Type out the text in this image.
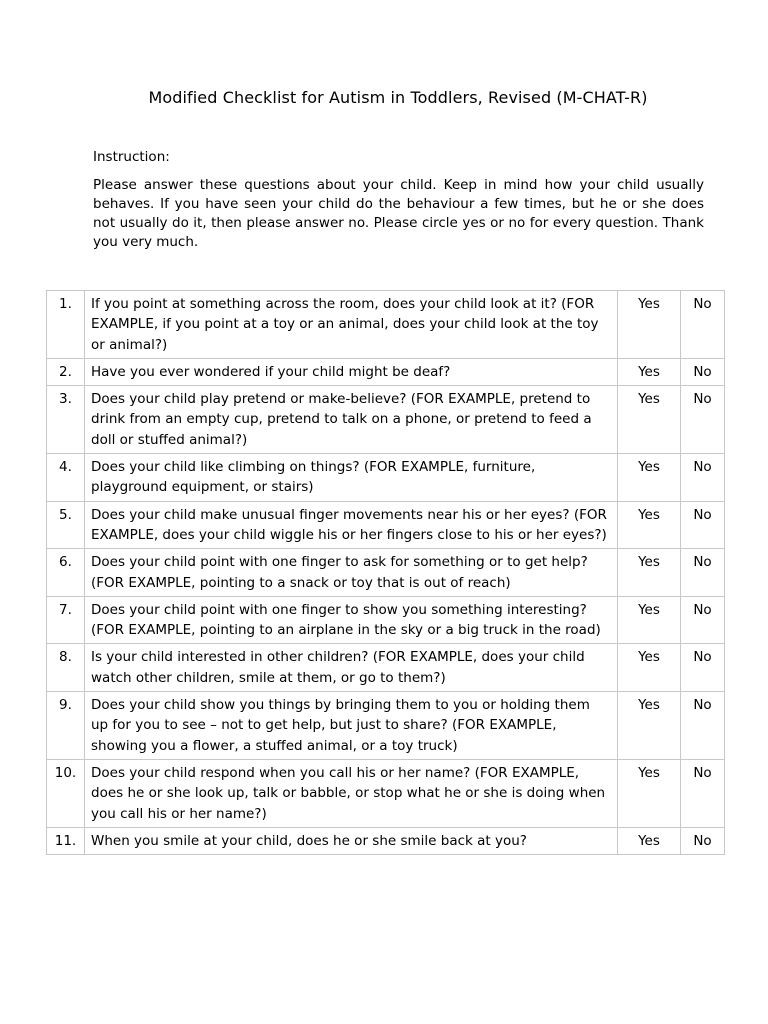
Modified Checklist for Autism in Toddlers, Revised (M-CHAT-R)
Instruction:
Please answer these questions about your child. Keep in mind how your child usually behaves. If you have seen your child do the behaviour a few times, but he or she does not usually do it, then please answer no. Please circle yes or no for every question. Thank you very much.
1.	If you point at something across the room, does your child look at it? (FOR EXAMPLE, if you point at a toy or an animal, does your child look at the toy or animal?)	Yes	No
2.	Have you ever wondered if your child might be deaf?	Yes	No
3.	Does your child play pretend or make-believe? (FOR EXAMPLE, pretend to drink from an empty cup, pretend to talk on a phone, or pretend to feed a doll or stuffed animal?)	Yes	No
4.	Does your child like climbing on things? (FOR EXAMPLE, furniture, playground equipment, or stairs)	Yes	No
5.	Does your child make unusual finger movements near his or her eyes? (FOR EXAMPLE, does your child wiggle his or her fingers close to his or her eyes?)	Yes	No
6.	Does your child point with one finger to ask for something or to get help? (FOR EXAMPLE, pointing to a snack or toy that is out of reach)	Yes	No
7.	Does your child point with one finger to show you something interesting? (FOR EXAMPLE, pointing to an airplane in the sky or a big truck in the road)	Yes	No
8.	Is your child interested in other children? (FOR EXAMPLE, does your child watch other children, smile at them, or go to them?)	Yes	No
9.	Does your child show you things by bringing them to you or holding them up for you to see – not to get help, but just to share? (FOR EXAMPLE, showing you a flower, a stuffed animal, or a toy truck)	Yes	No
10.	Does your child respond when you call his or her name? (FOR EXAMPLE, does he or she look up, talk or babble, or stop what he or she is doing when you call his or her name?)	Yes	No
11.	When you smile at your child, does he or she smile back at you?	Yes	No
